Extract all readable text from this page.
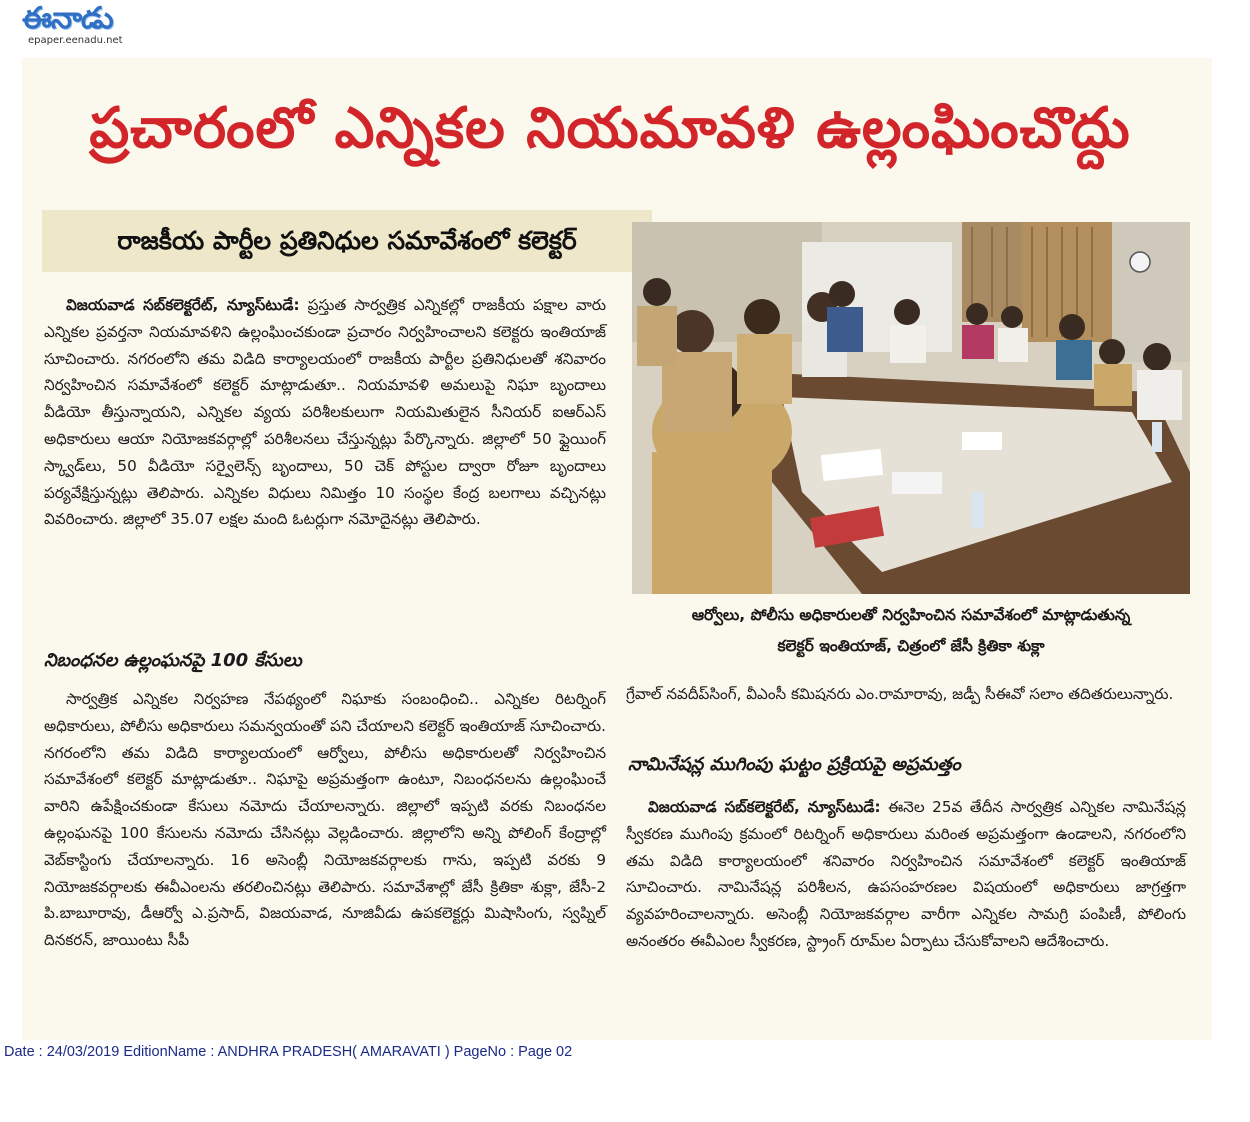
ఈనాడు
epaper.eenadu.net
ప్రచారంలో ఎన్నికల నియమావళి ఉల్లంఘించొద్దు
రాజకీయ పార్టీల ప్రతినిధుల సమావేశంలో కలెక్టర్
ఆర్వోలు, పోలీసు అధికారులతో నిర్వహించిన సమావేశంలో మాట్లాడుతున్న
కలెక్టర్‌ ఇంతియాజ్‌, చిత్రంలో జేసీ క్రితికా శుక్లా

విజయవాడ సబ్‌కలెక్టరేట్‌, న్యూస్‌టుడే: ప్రస్తుత సార్వత్రిక ఎన్నికల్లో రాజకీయ పక్షాల వారు ఎన్నికల ప్రవర్తనా నియమావళిని ఉల్లంఘించకుండా ప్రచారం నిర్వహించాలని కలెక్టరు ఇంతియాజ్‌ సూచించారు. నగరంలోని తమ విడిది కార్యాలయంలో రాజకీయ పార్టీల ప్రతినిధులతో శనివారం నిర్వహించిన సమావేశంలో కలెక్టర్‌ మాట్లాడుతూ.. నియమావళి అమలుపై నిఘా బృందాలు వీడియో తీస్తున్నాయని, ఎన్నికల వ్యయ పరిశీలకులుగా నియమితులైన సీనియర్‌ ఐఆర్‌ఎస్‌ అధికారులు ఆయా నియోజకవర్గాల్లో పరిశీలనలు చేస్తున్నట్లు పేర్కొన్నారు. జిల్లాలో 50 ఫ్లైయింగ్‌ స్క్వాడ్‌లు, 50 వీడియో సర్వైలెన్స్‌ బృందాలు, 50 చెక్‌ పోస్టుల ద్వారా రోజూ బృందాలు పర్యవేక్షిస్తున్నట్లు తెలిపారు. ఎన్నికల విధులు నిమిత్తం 10 సంస్థల కేంద్ర బలగాలు వచ్చినట్లు వివరించారు. జిల్లాలో 35.07 లక్షల మంది ఓటర్లుగా నమోదైనట్లు తెలిపారు.

నిబంధనల ఉల్లంఘనపై 100 కేసులు

సార్వత్రిక ఎన్నికల నిర్వహణ నేపథ్యంలో నిఘాకు సంబంధించి.. ఎన్నికల రిటర్నింగ్‌ అధికారులు, పోలీసు అధికారులు సమన్వయంతో పని చేయాలని కలెక్టర్‌ ఇంతియాజ్‌ సూచించారు. నగరంలోని తమ విడిది కార్యాలయంలో ఆర్వోలు, పోలీసు అధికారులతో నిర్వహించిన సమావేశంలో కలెక్టర్‌ మాట్లాడుతూ.. నిఘాపై అప్రమత్తంగా ఉంటూ, నిబంధనలను ఉల్లంఘించే వారిని ఉపేక్షించకుండా కేసులు నమోదు చేయాలన్నారు. జిల్లాలో ఇప్పటి వరకు నిబంధనల ఉల్లంఘనపై 100 కేసులను నమోదు చేసినట్లు వెల్లడించారు. జిల్లాలోని అన్ని పోలింగ్‌ కేంద్రాల్లో వెబ్‌కాస్టింగు చేయాలన్నారు. 16 అసెంబ్లీ నియోజకవర్గాలకు గాను, ఇప్పటి వరకు 9 నియోజకవర్గాలకు ఈవీఎంలను తరలించినట్లు తెలిపారు. సమావేశాల్లో జేసీ క్రితికా శుక్లా, జేసీ-2 పి.బాబూరావు, డీఆర్వో ఎ.ప్రసాద్‌, విజయవాడ, నూజివీడు ఉపకలెక్టర్లు మిషాసింగు, స్వప్నిల్‌ దినకరన్‌, జాయింటు సీపీ

గ్రేవాల్‌ నవదీప్‌సింగ్‌, వీఎంసీ కమిషనరు ఎం.రామారావు, జడ్పీ సీఈవో సలాం తదితరులున్నారు.

నామినేషన్ల ముగింపు ఘట్టం ప్రక్రియపై అప్రమత్తం

విజయవాడ సబ్‌కలెక్టరేట్‌, న్యూస్‌టుడే: ఈనెల 25వ తేదీన సార్వత్రిక ఎన్నికల నామినేషన్ల స్వీకరణ ముగింపు క్రమంలో రిటర్నింగ్‌ అధికారులు మరింత అప్రమత్తంగా ఉండాలని, నగరంలోని తమ విడిది కార్యాలయంలో శనివారం నిర్వహించిన సమావేశంలో కలెక్టర్‌ ఇంతియాజ్‌ సూచించారు. నామినేషన్ల పరిశీలన, ఉపసంహరణల విషయంలో అధికారులు జాగ్రత్తగా వ్యవహరించాలన్నారు. అసెంబ్లీ నియోజకవర్గాల వారీగా ఎన్నికల సామగ్రి పంపిణీ, పోలింగు అనంతరం ఈవీఎంల స్వీకరణ, స్ట్రాంగ్‌ రూమ్‌ల ఏర్పాటు చేసుకోవాలని ఆదేశించారు.

Date : 24/03/2019 EditionName : ANDHRA PRADESH( AMARAVATI ) PageNo : Page 02
